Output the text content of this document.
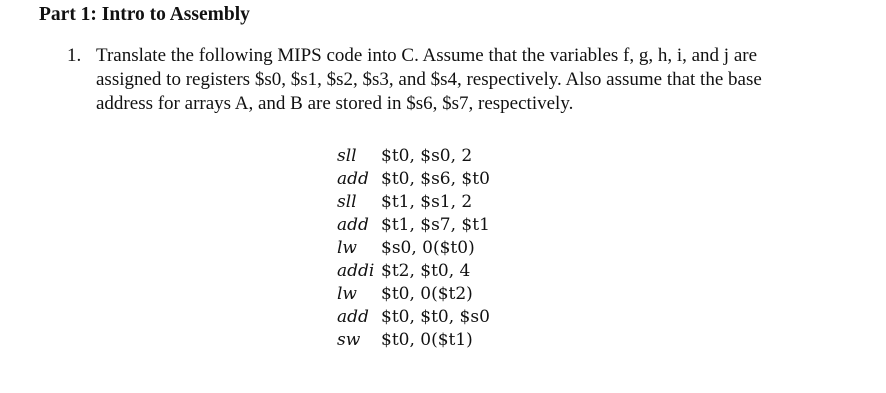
Part 1: Intro to Assembly
1. Translate the following MIPS code into C. Assume that the variables f, g, h, i, and j are
assigned to registers $s0, $s1, $s2, $s3, and $s4, respectively. Also assume that the base
address for arrays A, and B are stored in $s6, $s7, respectively.
sll	$t0, $s0, 2
add $t0, $s6, $t0
sll	$t1, $s1, 2
add $t1, $s7, $t1
lw	$s0, 0($t0)
addi $t2, $t0, 4
lw	$t0, 0($t2)
add $t0, $t0, $s0
sw	$t0, 0($t1)
